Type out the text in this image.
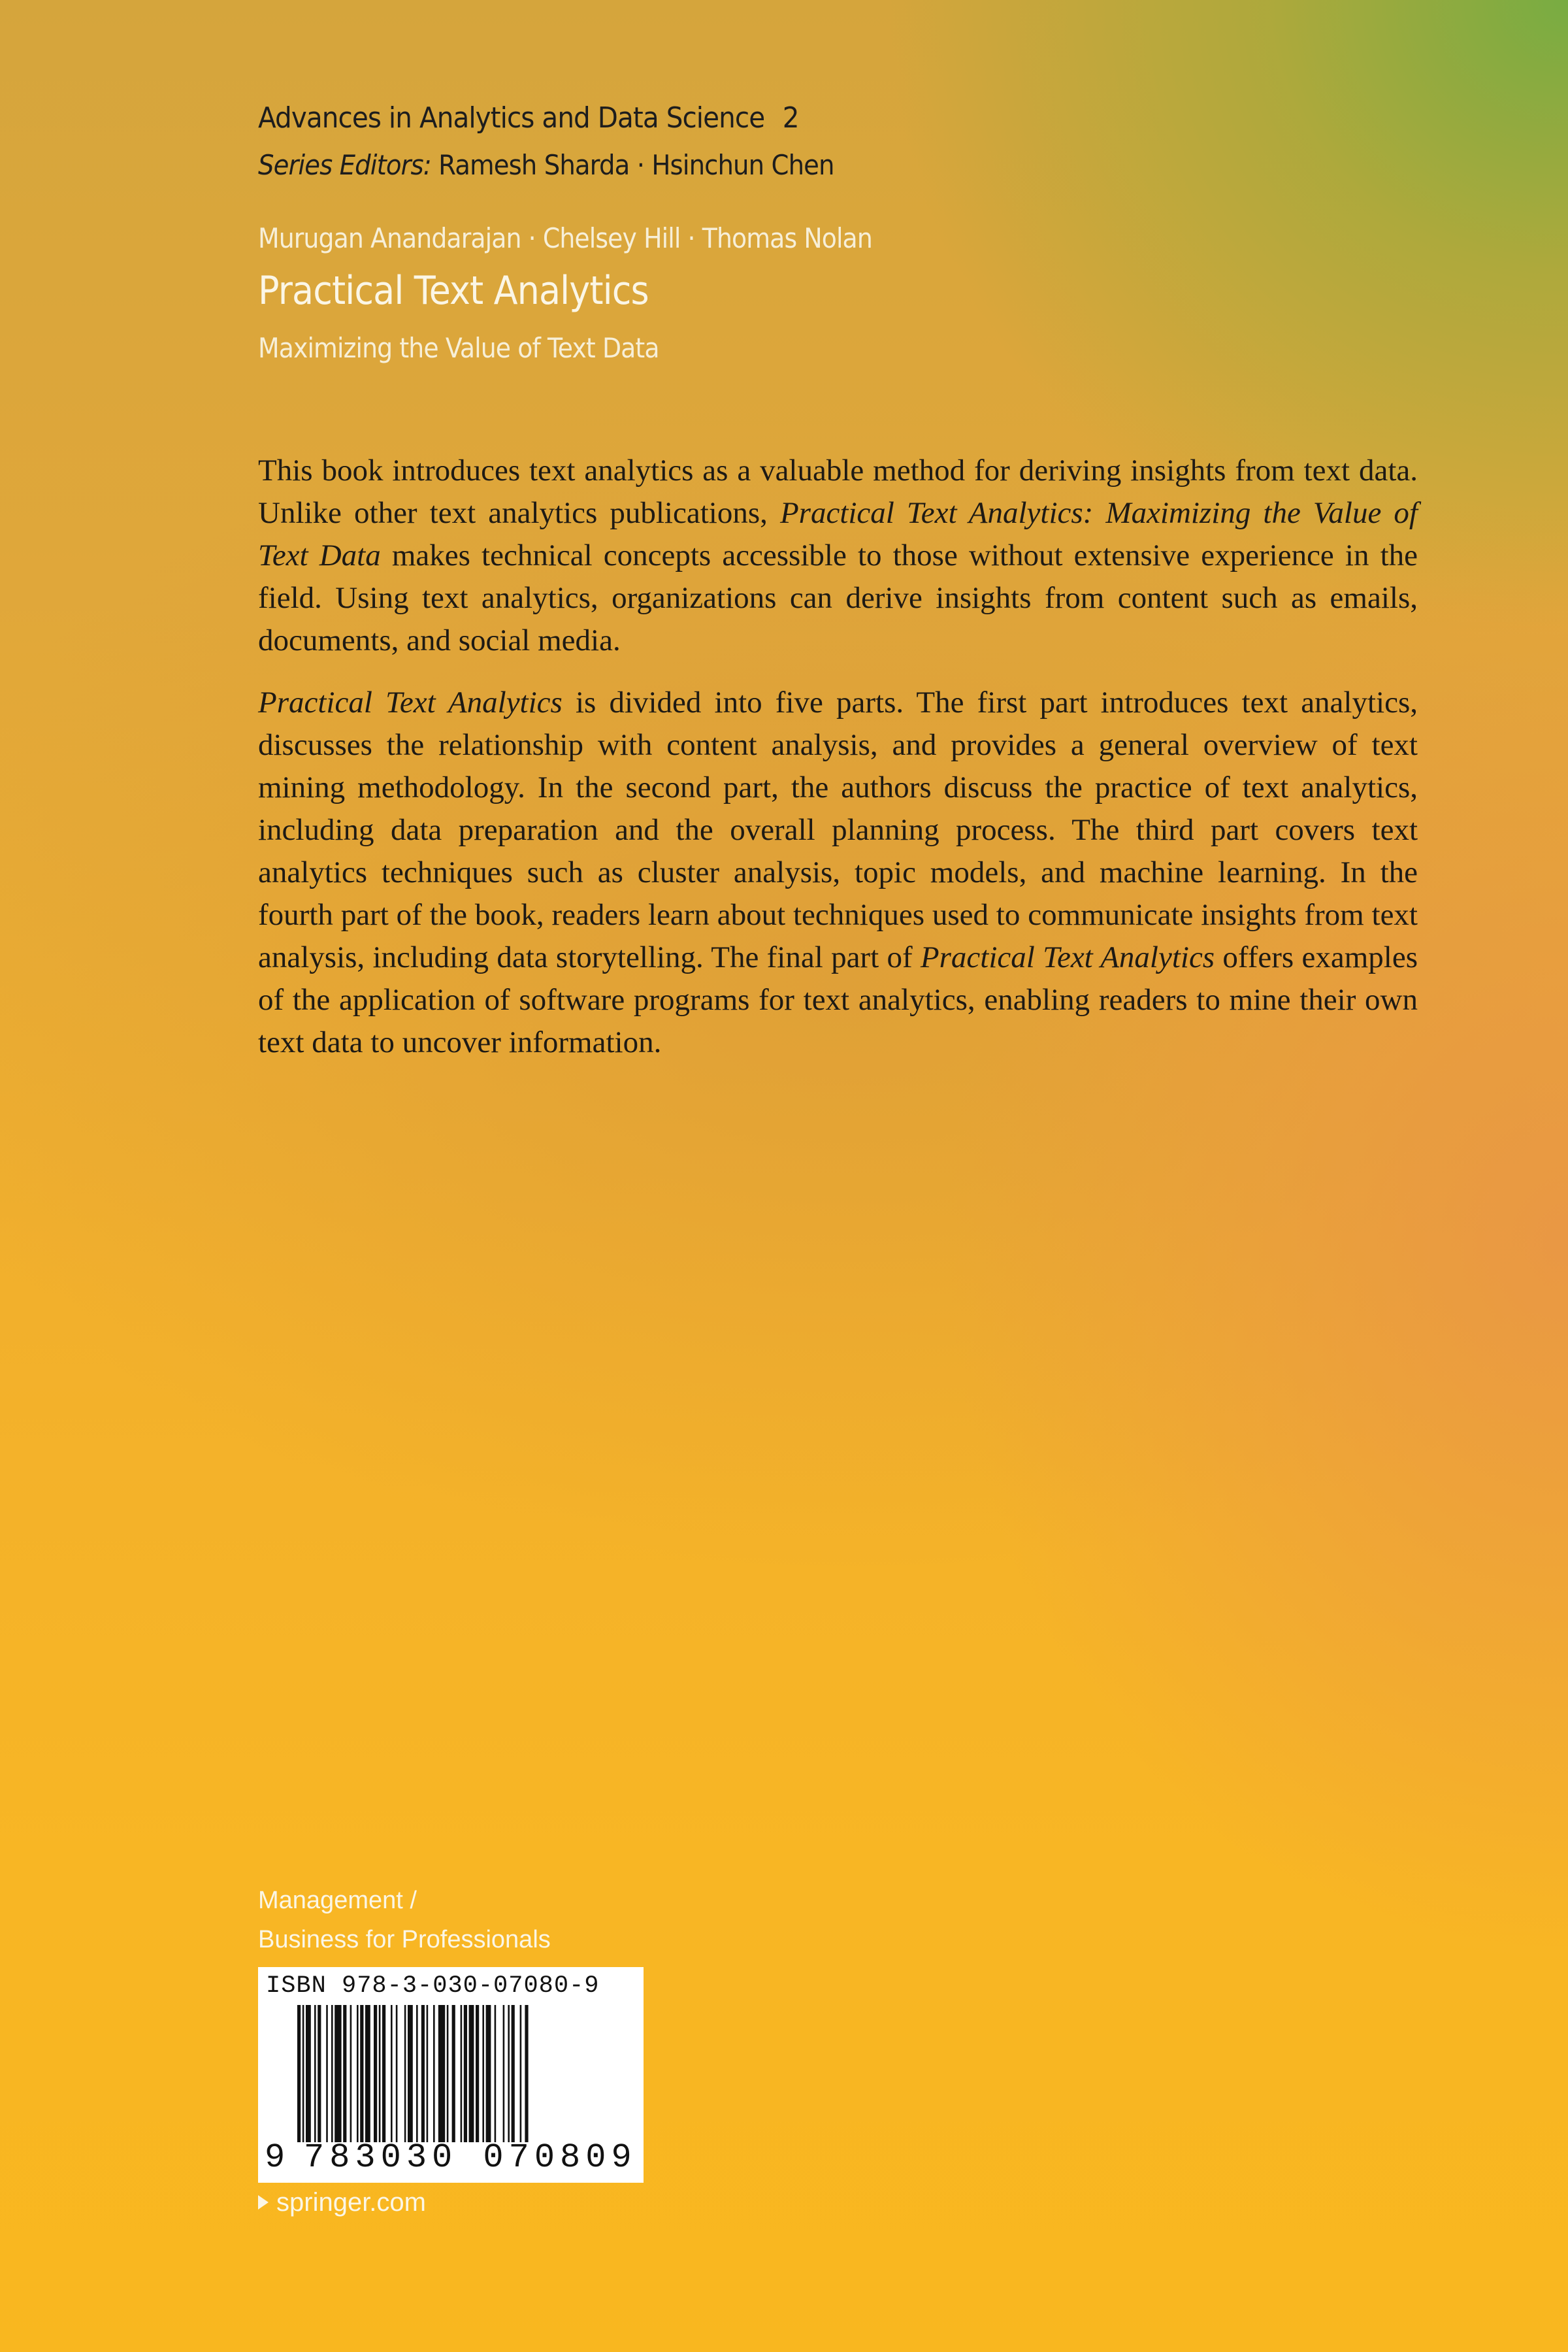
Advances in Analytics and Data Science 2
Series Editors: Ramesh Sharda · Hsinchun Chen
Murugan Anandarajan · Chelsey Hill · Thomas Nolan
Practical Text Analytics
Maximizing the Value of Text Data

This book introduces text analytics as a valuable method for deriving insights from text data. Unlike other text analytics publications, Practical Text Analytics: Maximizing the Value of Text Data makes technical concepts accessible to those without extensive experience in the field. Using text analytics, organizations can derive insights from content such as emails, documents, and social media.

Practical Text Analytics is divided into five parts. The first part introduces text analytics, discusses the relationship with content analysis, and provides a general overview of text mining methodology. In the second part, the authors discuss the practice of text analytics, including data preparation and the overall planning process. The third part covers text analytics techniques such as cluster analysis, topic models, and machine learning. In the fourth part of the book, readers learn about techniques used to communicate insights from text analysis, including data storytelling. The final part of Practical Text Analytics offers examples of the application of software programs for text analytics, enabling readers to mine their own text data to uncover information.

Management /
Business for Professionals
ISBN 978-3-030-07080-9
9 783030 070809
springer.com
